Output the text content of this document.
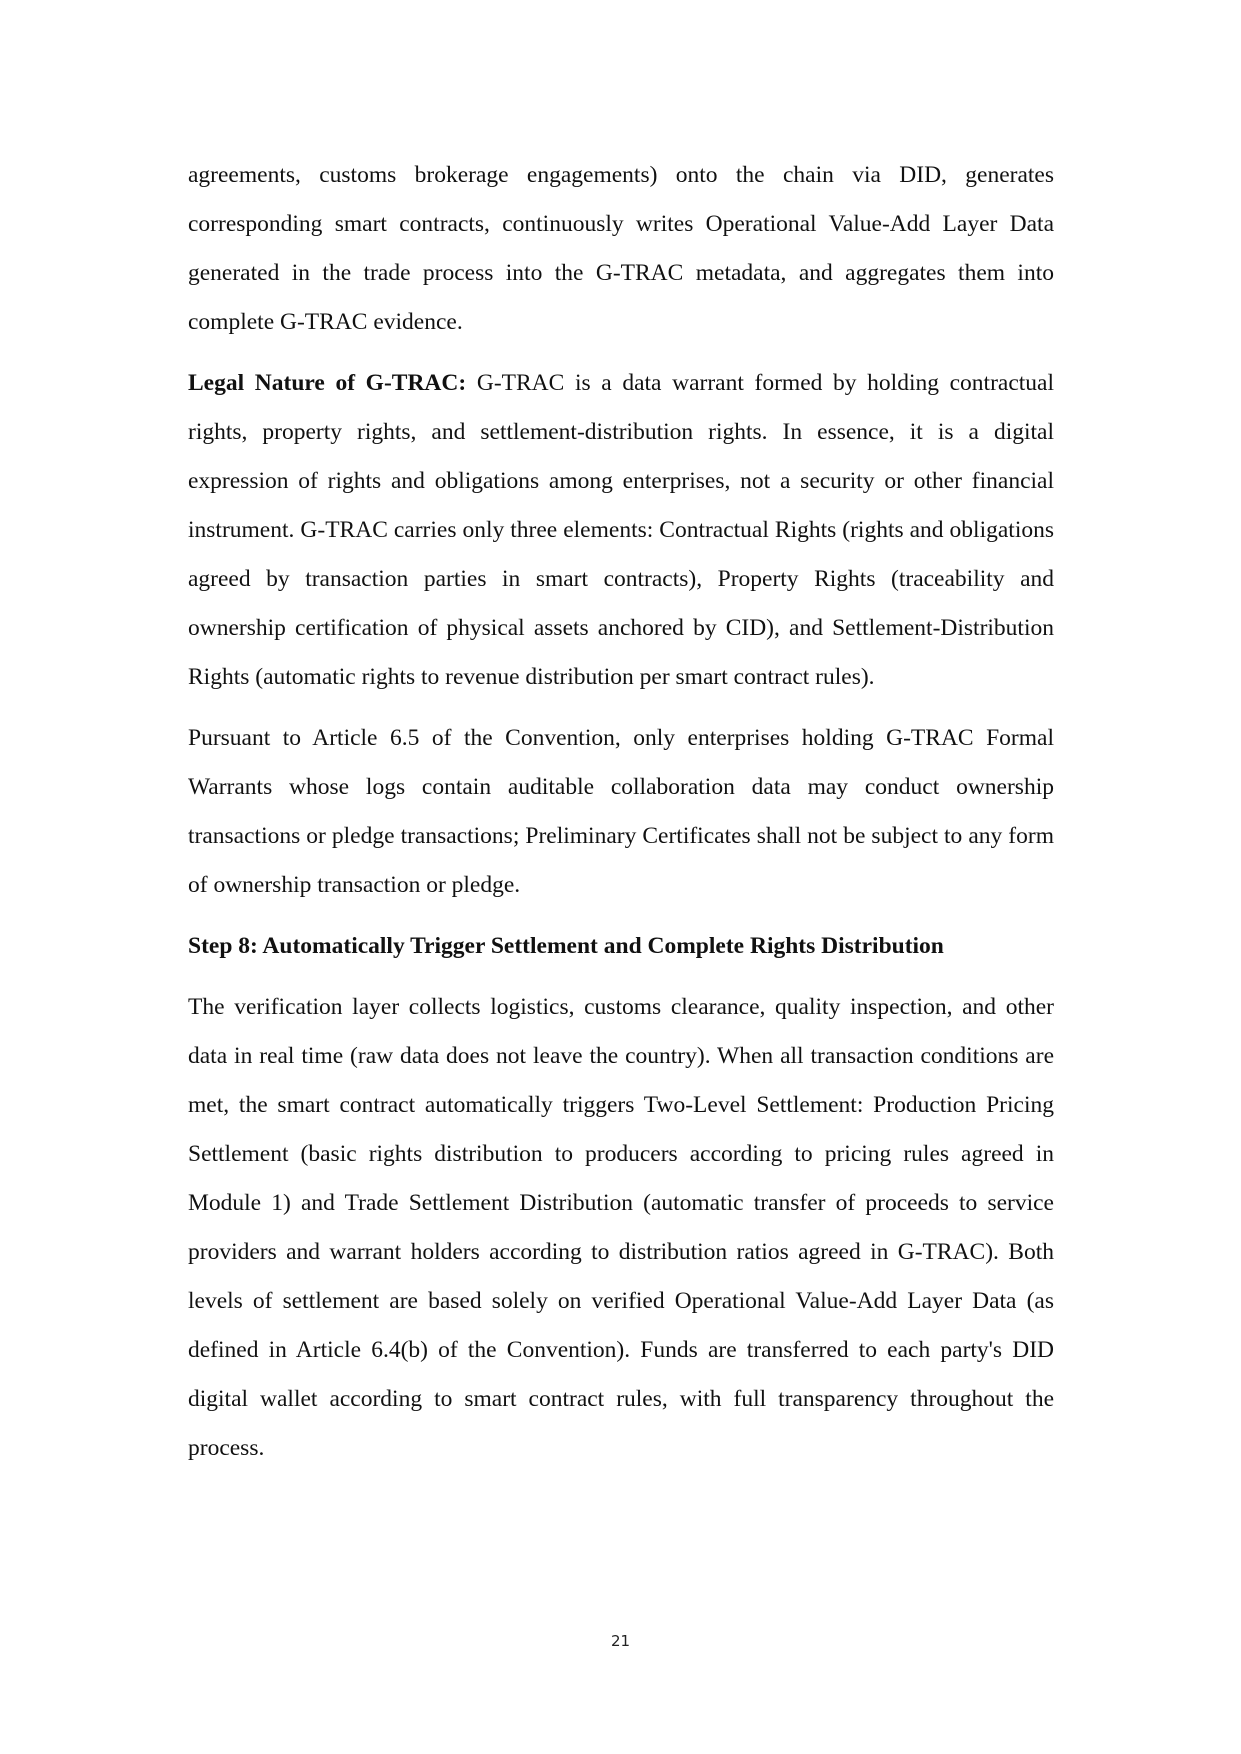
agreements, customs brokerage engagements) onto the chain via DID, generates corresponding smart contracts, continuously writes Operational Value-Add Layer Data generated in the trade process into the G-TRAC metadata, and aggregates them into complete G-TRAC evidence.

Legal Nature of G-TRAC: G-TRAC is a data warrant formed by holding contractual rights, property rights, and settlement-distribution rights. In essence, it is a digital expression of rights and obligations among enterprises, not a security or other financial instrument. G-TRAC carries only three elements: Contractual Rights (rights and obligations agreed by transaction parties in smart contracts), Property Rights (traceability and ownership certification of physical assets anchored by CID), and Settlement-Distribution Rights (automatic rights to revenue distribution per smart contract rules).

Pursuant to Article 6.5 of the Convention, only enterprises holding G-TRAC Formal Warrants whose logs contain auditable collaboration data may conduct ownership transactions or pledge transactions; Preliminary Certificates shall not be subject to any form of ownership transaction or pledge.

Step 8: Automatically Trigger Settlement and Complete Rights Distribution

The verification layer collects logistics, customs clearance, quality inspection, and other data in real time (raw data does not leave the country). When all transaction conditions are met, the smart contract automatically triggers Two-Level Settlement: Production Pricing Settlement (basic rights distribution to producers according to pricing rules agreed in Module 1) and Trade Settlement Distribution (automatic transfer of proceeds to service providers and warrant holders according to distribution ratios agreed in G-TRAC). Both levels of settlement are based solely on verified Operational Value-Add Layer Data (as defined in Article 6.4(b) of the Convention). Funds are transferred to each party's DID digital wallet according to smart contract rules, with full transparency throughout the process.

21
